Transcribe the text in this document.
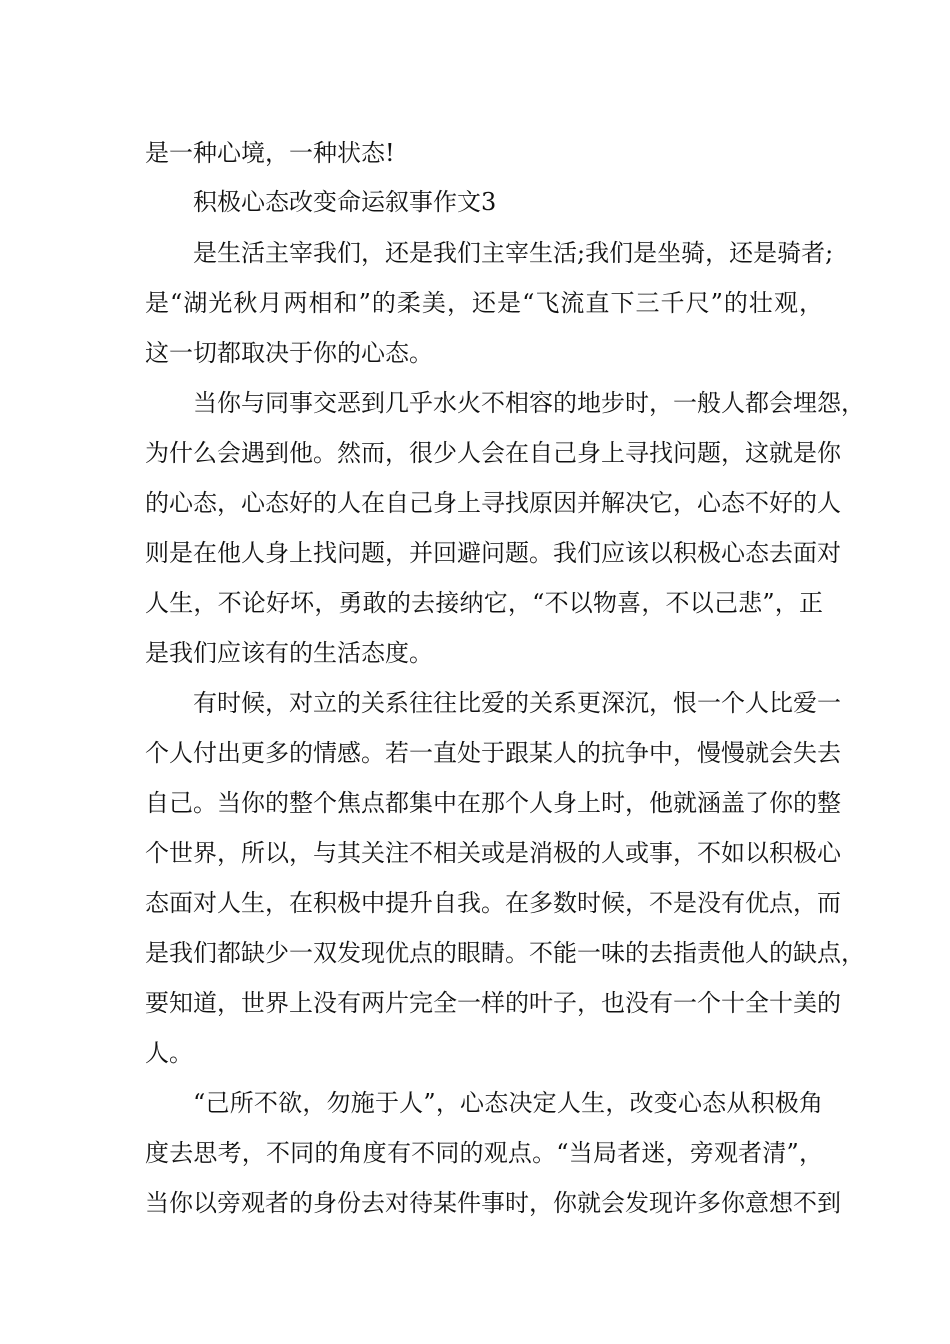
是一种心境，一种状态!
积极心态改变命运叙事作文3
是生活主宰我们，还是我们主宰生活;我们是坐骑，还是骑者;
是“湖光秋月两相和”的柔美，还是“飞流直下三千尺”的壮观，
这一切都取决于你的心态。
当你与同事交恶到几乎水火不相容的地步时，一般人都会埋怨，
为什么会遇到他。然而，很少人会在自己身上寻找问题，这就是你
的心态，心态好的人在自己身上寻找原因并解决它，心态不好的人
则是在他人身上找问题，并回避问题。我们应该以积极心态去面对
人生，不论好坏，勇敢的去接纳它，“不以物喜，不以己悲”，正
是我们应该有的生活态度。
有时候，对立的关系往往比爱的关系更深沉，恨一个人比爱一
个人付出更多的情感。若一直处于跟某人的抗争中，慢慢就会失去
自己。当你的整个焦点都集中在那个人身上时，他就涵盖了你的整
个世界，所以，与其关注不相关或是消极的人或事，不如以积极心
态面对人生，在积极中提升自我。在多数时候，不是没有优点，而
是我们都缺少一双发现优点的眼睛。不能一味的去指责他人的缺点，
要知道，世界上没有两片完全一样的叶子，也没有一个十全十美的
人。
“己所不欲，勿施于人”，心态决定人生，改变心态从积极角
度去思考，不同的角度有不同的观点。“当局者迷，旁观者清”，
当你以旁观者的身份去对待某件事时，你就会发现许多你意想不到
